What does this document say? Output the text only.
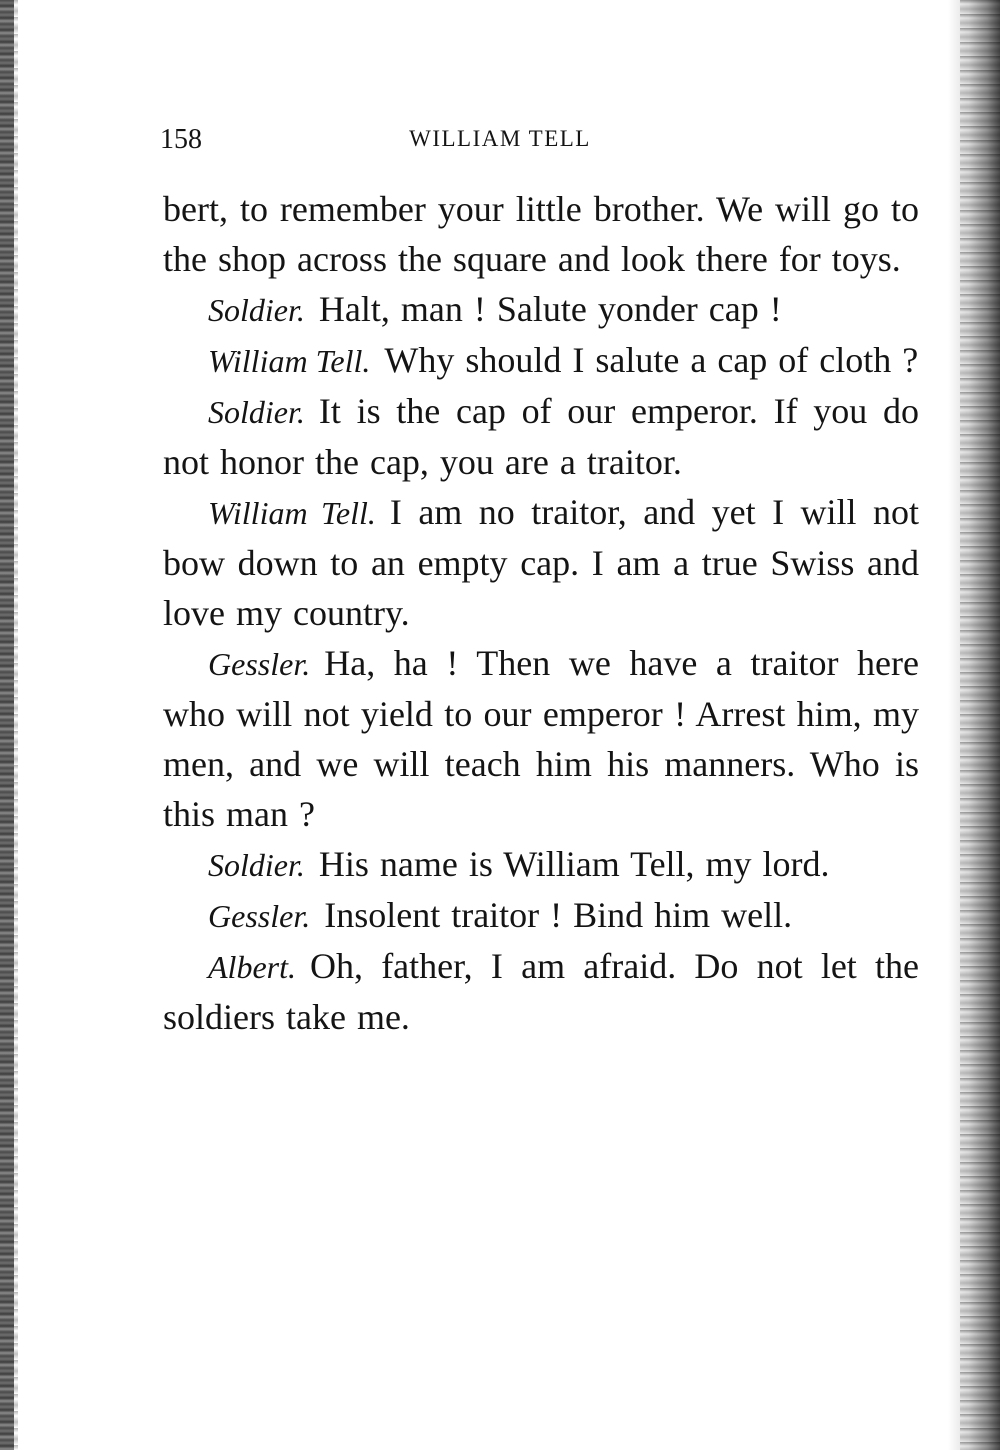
158	WILLIAM TELL

bert, to remember your little brother. We will go to the shop across the square and look there for toys.

Soldier. Halt, man ! Salute yonder cap !

William Tell. Why should I salute a cap of cloth ?

Soldier. It is the cap of our emperor. If you do not honor the cap, you are a traitor.

William Tell. I am no traitor, and yet I will not bow down to an empty cap. I am a true Swiss and love my country.

Gessler. Ha, ha ! Then we have a traitor here who will not yield to our emperor ! Arrest him, my men, and we will teach him his manners. Who is this man ?

Soldier. His name is William Tell, my lord.

Gessler. Insolent traitor ! Bind him well.

Albert. Oh, father, I am afraid. Do not let the soldiers take me.
